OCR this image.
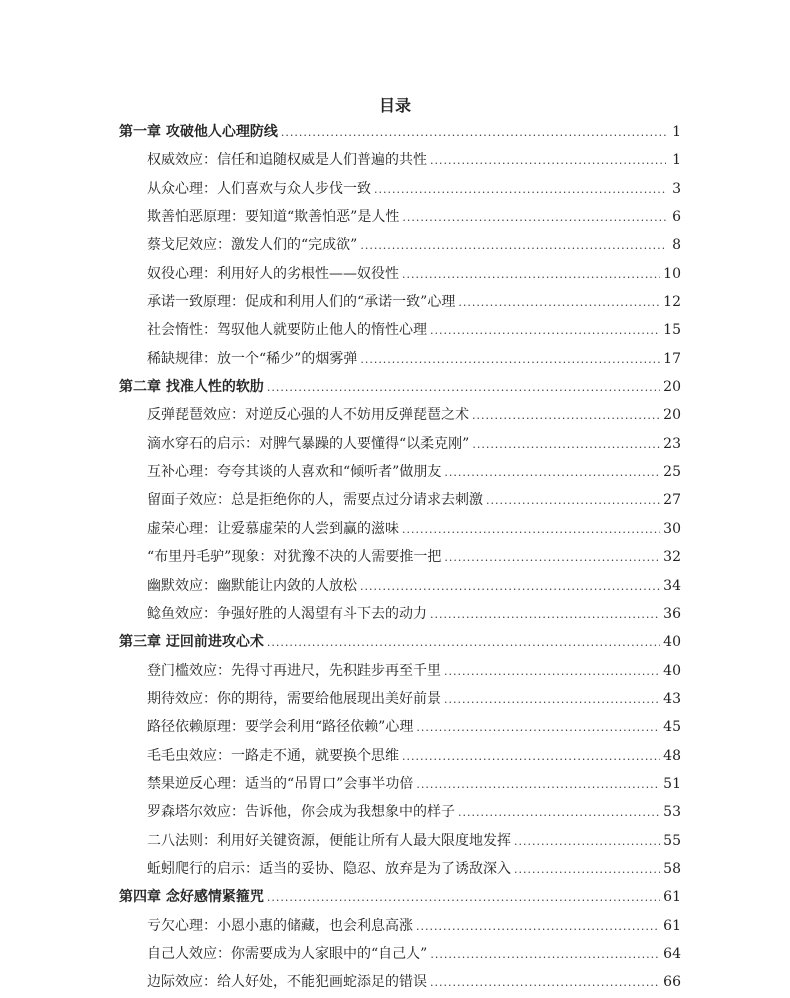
目录
第一章 攻破他人心理防线 .....	1
权威效应：信任和追随权威是人们普遍的共性 .....	1
从众心理：人们喜欢与众人步伐一致 .....	3
欺善怕恶原理：要知道“欺善怕恶”是人性 .....	6
蔡戈尼效应：激发人们的“完成欲” .....	8
奴役心理：利用好人的劣根性——奴役性 .....	10
承诺一致原理：促成和利用人们的“承诺一致”心理 .....	12
社会惰性：驾驭他人就要防止他人的惰性心理 .....	15
稀缺规律：放一个“稀少”的烟雾弹 .....	17
第二章 找准人性的软肋 .....	20
反弹琵琶效应：对逆反心强的人不妨用反弹琵琶之术 .....	20
滴水穿石的启示：对脾气暴躁的人要懂得“以柔克刚” .....	23
互补心理：夸夸其谈的人喜欢和“倾听者”做朋友 .....	25
留面子效应：总是拒绝你的人，需要点过分请求去刺激 .....	27
虚荣心理：让爱慕虚荣的人尝到赢的滋味 .....	30
“布里丹毛驴”现象：对犹豫不决的人需要推一把 .....	32
幽默效应：幽默能让内敛的人放松 .....	34
鲶鱼效应：争强好胜的人渴望有斗下去的动力 .....	36
第三章 迂回前进攻心术 .....	40
登门槛效应：先得寸再进尺，先积跬步再至千里 .....	40
期待效应：你的期待，需要给他展现出美好前景 .....	43
路径依赖原理：要学会利用“路径依赖”心理 .....	45
毛毛虫效应：一路走不通，就要换个思维 .....	48
禁果逆反心理：适当的“吊胃口”会事半功倍 .....	51
罗森塔尔效应：告诉他，你会成为我想象中的样子 .....	53
二八法则：利用好关键资源，便能让所有人最大限度地发挥 .....	55
蚯蚓爬行的启示：适当的妥协、隐忍、放弃是为了诱敌深入 .....	58
第四章 念好感情紧箍咒 .....	61
亏欠心理：小恩小惠的储藏，也会利息高涨 .....	61
自己人效应：你需要成为人家眼中的“自己人” .....	64
边际效应：给人好处，不能犯画蛇添足的错误 .....	66
